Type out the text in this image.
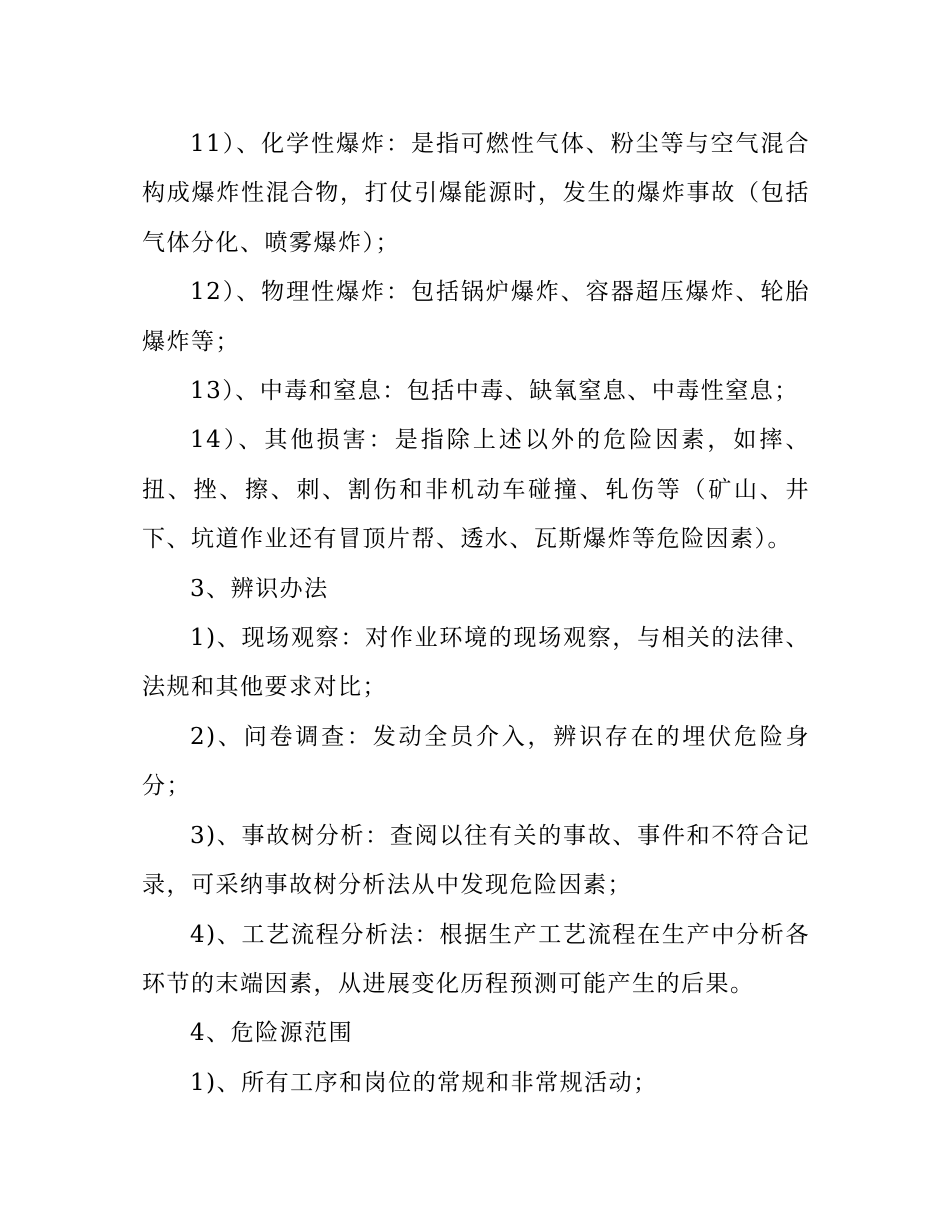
11）、化学性爆炸：是指可燃性气体、粉尘等与空气混合构成爆炸性混合物，打仗引爆能源时，发生的爆炸事故（包括气体分化、喷雾爆炸）；

12）、物理性爆炸：包括锅炉爆炸、容器超压爆炸、轮胎爆炸等；

13）、中毒和窒息：包括中毒、缺氧窒息、中毒性窒息；

14）、其他损害：是指除上述以外的危险因素，如摔、扭、挫、擦、刺、割伤和非机动车碰撞、轧伤等（矿山、井下、坑道作业还有冒顶片帮、透水、瓦斯爆炸等危险因素）。

3、辨识办法

1)、现场观察：对作业环境的现场观察，与相关的法律、法规和其他要求对比；

2)、问卷调查：发动全员介入，辨识存在的埋伏危险身分；

3)、事故树分析：查阅以往有关的事故、事件和不符合记录，可采纳事故树分析法从中发现危险因素；

4)、工艺流程分析法：根据生产工艺流程在生产中分析各环节的末端因素，从进展变化历程预测可能产生的后果。

4、危险源范围

1)、所有工序和岗位的常规和非常规活动；
